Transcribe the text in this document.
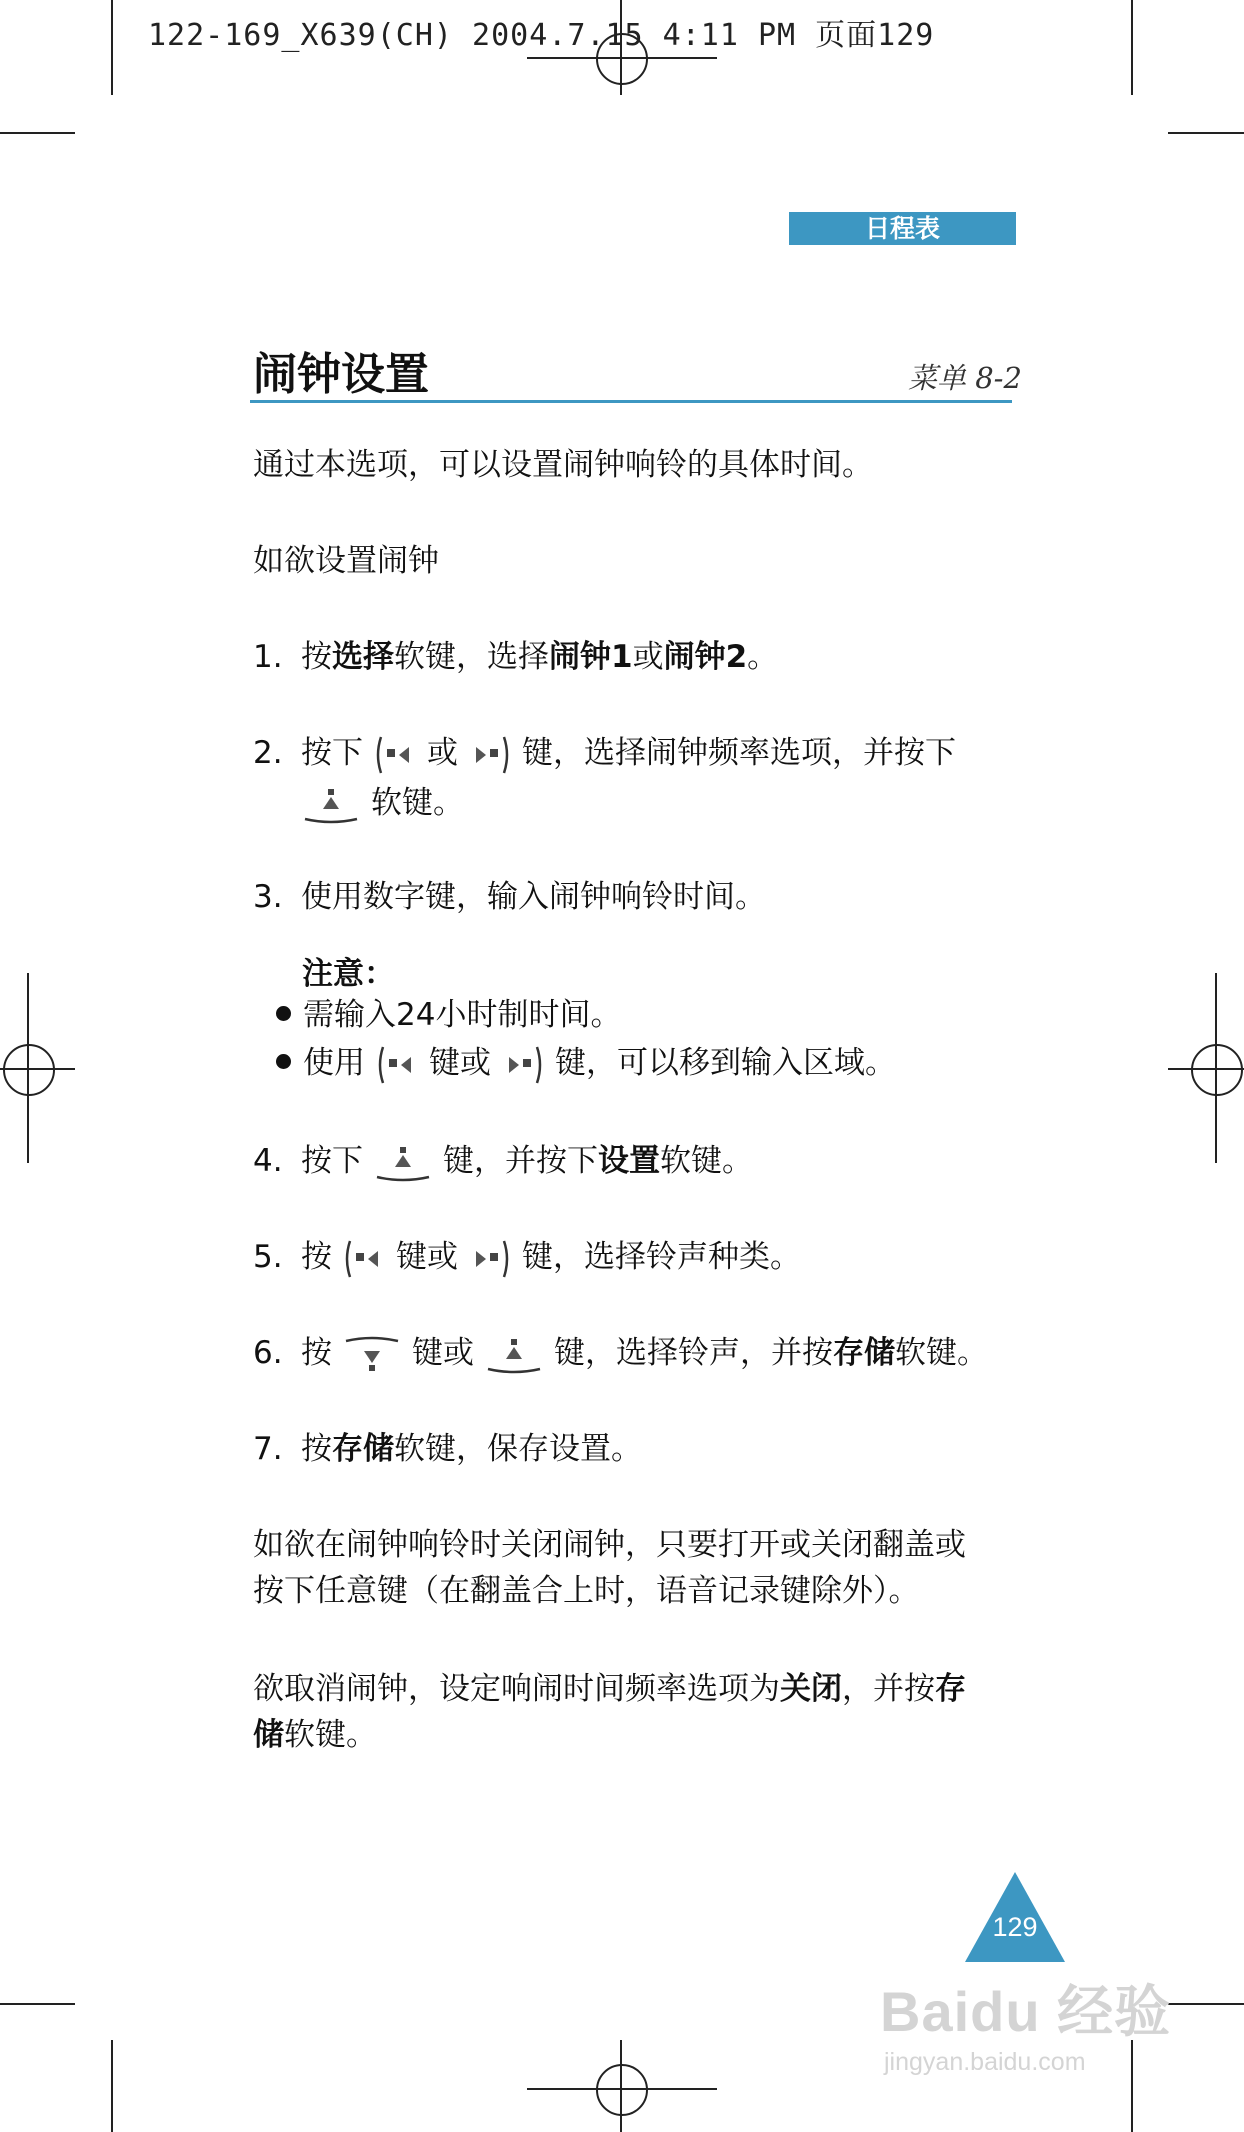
122-169_X639(CH) 2004.7.15 4:11 PM 页面129
日程表
闹钟设置	菜单 8-2
通过本选项，可以设置闹钟响铃的具体时间。
如欲设置闹钟
1. 按选择软键，选择闹钟1或闹钟2。
2. 按下 或 键，选择闹钟频率选项，并按下
软键。
3. 使用数字键，输入闹钟响铃时间。
注意：
需输入24小时制时间。
使用 键或 键，可以移到输入区域。
4. 按下	键，并按下设置软键。
5. 按 键或 键，选择铃声种类。
6. 按	键或	键，选择铃声，并按存储软键。
7. 按存储软键，保存设置。
如欲在闹钟响铃时关闭闹钟，只要打开或关闭翻盖或
按下任意键（在翻盖合上时，语音记录键除外）。
欲取消闹钟，设定响闹时间频率选项为关闭，并按存
储软键。
129
Baidu 经验
jingyan.baidu.com
